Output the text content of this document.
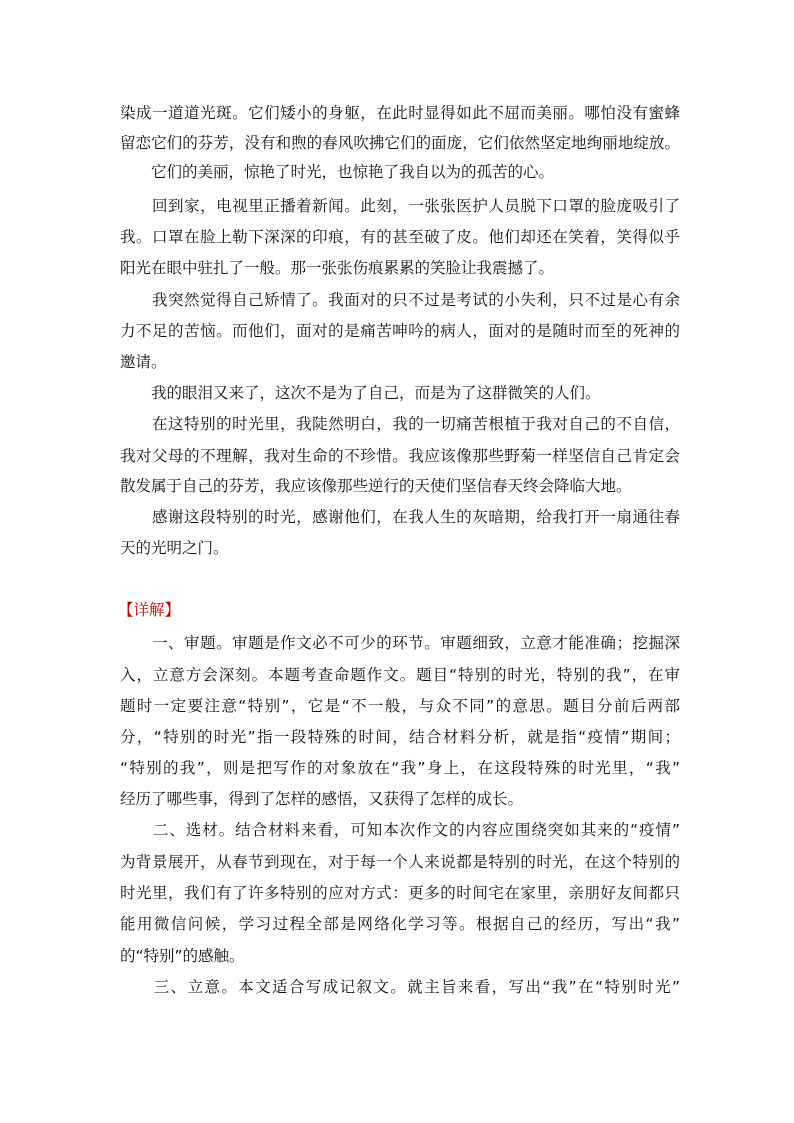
染成一道道光斑。它们矮小的身躯，在此时显得如此不屈而美丽。哪怕没有蜜蜂
留恋它们的芬芳，没有和煦的春风吹拂它们的面庞，它们依然坚定地绚丽地绽放。
　　它们的美丽，惊艳了时光，也惊艳了我自以为的孤苦的心。
　　回到家，电视里正播着新闻。此刻，一张张医护人员脱下口罩的脸庞吸引了
我。口罩在脸上勒下深深的印痕，有的甚至破了皮。他们却还在笑着，笑得似乎
阳光在眼中驻扎了一般。那一张张伤痕累累的笑脸让我震撼了。
　　我突然觉得自己矫情了。我面对的只不过是考试的小失利，只不过是心有余
力不足的苦恼。而他们，面对的是痛苦呻吟的病人，面对的是随时而至的死神的
邀请。
　　我的眼泪又来了，这次不是为了自己，而是为了这群微笑的人们。
　　在这特别的时光里，我陡然明白，我的一切痛苦根植于我对自己的不自信，
我对父母的不理解，我对生命的不珍惜。我应该像那些野菊一样坚信自己肯定会
散发属于自己的芬芳，我应该像那些逆行的天使们坚信春天终会降临大地。
　　感谢这段特别的时光，感谢他们，在我人生的灰暗期，给我打开一扇通往春
天的光明之门。
【详解】
　　一、审题。审题是作文必不可少的环节。审题细致，立意才能准确；挖掘深
入，立意方会深刻。本题考查命题作文。题目“特别的时光，特别的我”，在审
题时一定要注意“特别”，它是“不一般，与众不同”的意思。题目分前后两部
分，“特别的时光”指一段特殊的时间，结合材料分析，就是指“疫情”期间；
“特别的我”，则是把写作的对象放在“我”身上，在这段特殊的时光里，“我”
经历了哪些事，得到了怎样的感悟，又获得了怎样的成长。
　　二、选材。结合材料来看，可知本次作文的内容应围绕突如其来的“疫情”
为背景展开，从春节到现在，对于每一个人来说都是特别的时光，在这个特别的
时光里，我们有了许多特别的应对方式：更多的时间宅在家里，亲朋好友间都只
能用微信问候，学习过程全部是网络化学习等。根据自己的经历，写出“我”
的“特别”的感触。
　　三、立意。本文适合写成记叙文。就主旨来看，写出“我”在“特别时光”
